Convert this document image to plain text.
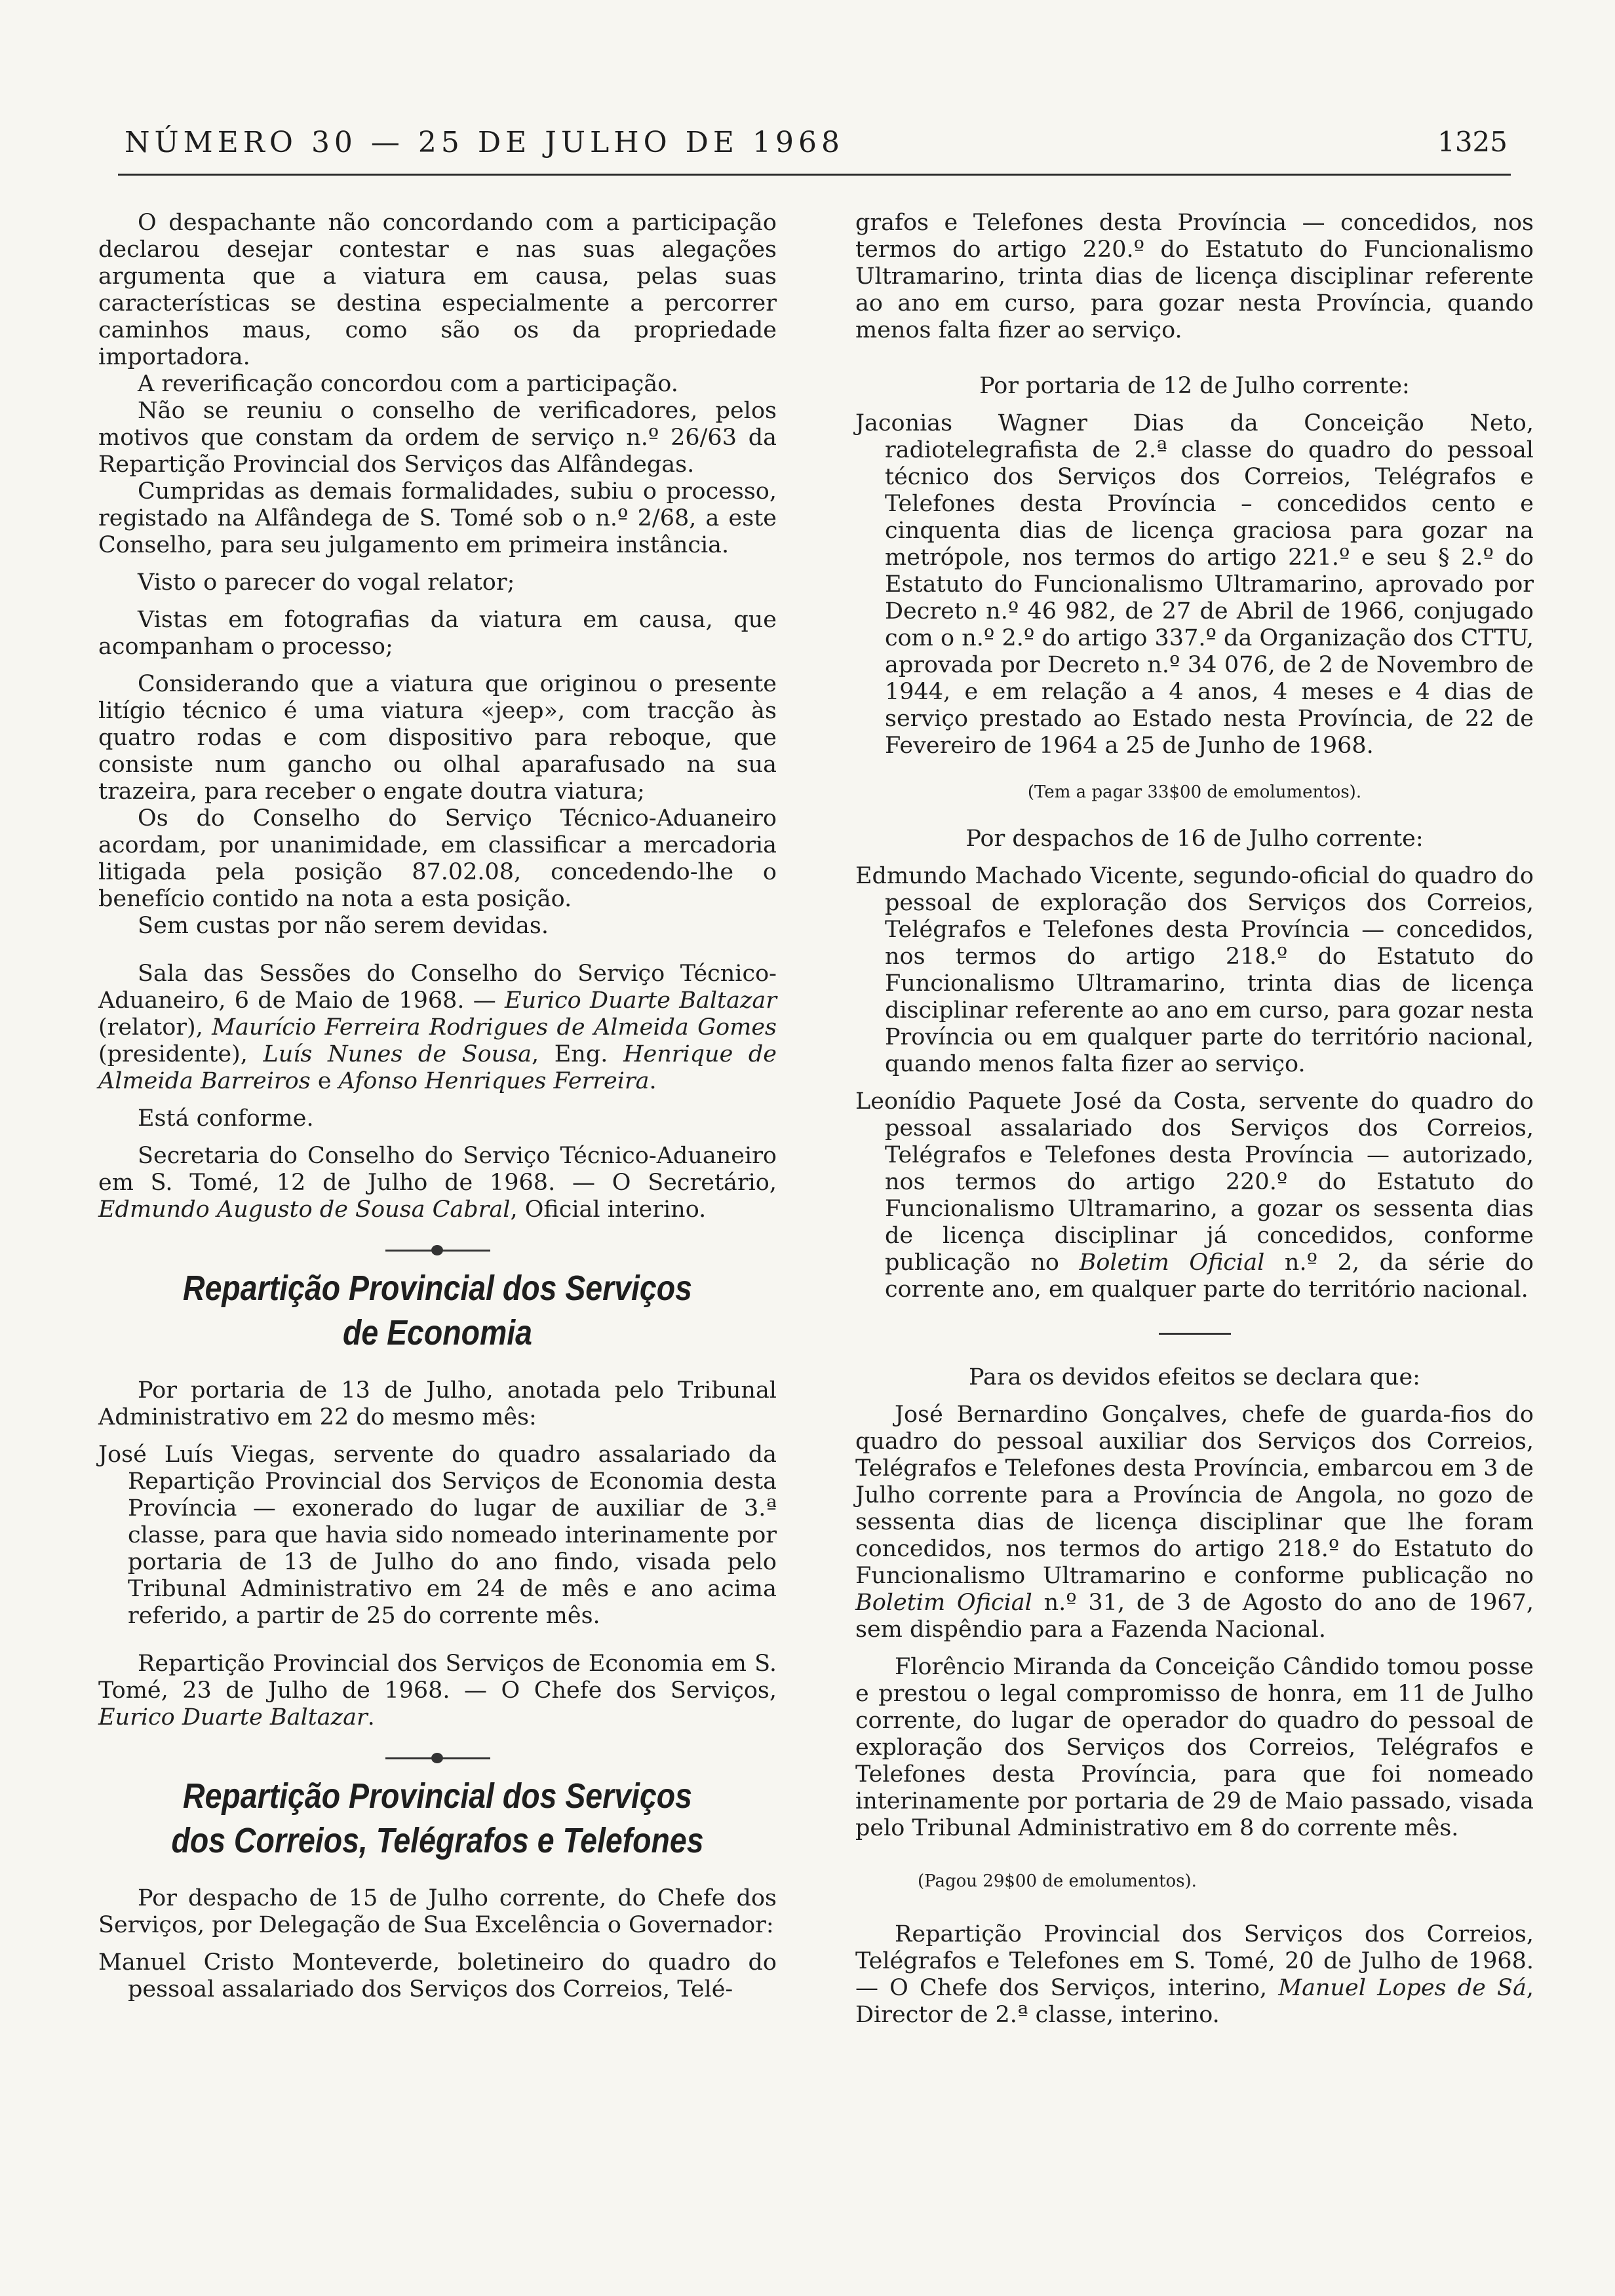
NÚMERO 30 — 25 DE JULHO DE 1968	1325

O despachante não concordando com a participação declarou desejar contestar e nas suas alegações argumenta que a viatura em causa, pelas suas características se destina especialmente a percorrer caminhos maus, como são os da propriedade importadora.

A reverificação concordou com a participação.

Não se reuniu o conselho de verificadores, pelos motivos que constam da ordem de serviço n.º 26/63 da Repartição Provincial dos Serviços das Alfândegas.

Cumpridas as demais formalidades, subiu o processo, registado na Alfândega de S. Tomé sob o n.º 2/68, a este Conselho, para seu julgamento em primeira instância.

Visto o parecer do vogal relator;

Vistas em fotografias da viatura em causa, que acompanham o processo;

Considerando que a viatura que originou o presente litígio técnico é uma viatura «jeep», com tracção às quatro rodas e com dispositivo para reboque, que consiste num gancho ou olhal aparafusado na sua trazeira, para receber o engate doutra viatura;

Os do Conselho do Serviço Técnico-Aduaneiro acordam, por unanimidade, em classificar a mercadoria litigada pela posição 87.02.08, concedendo-lhe o benefício contido na nota a esta posição.

Sem custas por não serem devidas.

Sala das Sessões do Conselho do Serviço Técnico-Aduaneiro, 6 de Maio de 1968. — Eurico Duarte Baltazar (relator), Maurício Ferreira Rodrigues de Almeida Gomes (presidente), Luís Nunes de Sousa, Eng. Henrique de Almeida Barreiros e Afonso Henriques Ferreira.

Está conforme.

Secretaria do Conselho do Serviço Técnico-Aduaneiro em S. Tomé, 12 de Julho de 1968. — O Secretário, Edmundo Augusto de Sousa Cabral, Oficial interino.

Repartição Provincial dos Serviços
de Economia

Por portaria de 13 de Julho, anotada pelo Tribunal Administrativo em 22 do mesmo mês:

José Luís Viegas, servente do quadro assalariado da Repartição Provincial dos Serviços de Economia desta Província — exonerado do lugar de auxiliar de 3.ª classe, para que havia sido nomeado interinamente por portaria de 13 de Julho do ano findo, visada pelo Tribunal Administrativo em 24 de mês e ano acima referido, a partir de 25 do corrente mês.

Repartição Provincial dos Serviços de Economia em S. Tomé, 23 de Julho de 1968. — O Chefe dos Serviços, Eurico Duarte Baltazar.

Repartição Provincial dos Serviços
dos Correios, Telégrafos e Telefones

Por despacho de 15 de Julho corrente, do Chefe dos Serviços, por Delegação de Sua Excelência o Governador:

Manuel Cristo Monteverde, boletineiro do quadro do pessoal assalariado dos Serviços dos Correios, Telé-

grafos e Telefones desta Província — concedidos, nos termos do artigo 220.º do Estatuto do Funcionalismo Ultramarino, trinta dias de licença disciplinar referente ao ano em curso, para gozar nesta Província, quando menos falta fizer ao serviço.

Por portaria de 12 de Julho corrente:

Jaconias Wagner Dias da Conceição Neto, radiotelegrafista de 2.ª classe do quadro do pessoal técnico dos Serviços dos Correios, Telégrafos e Telefones desta Província – concedidos cento e cinquenta dias de licença graciosa para gozar na metrópole, nos termos do artigo 221.º e seu § 2.º do Estatuto do Funcionalismo Ultramarino, aprovado por Decreto n.º 46 982, de 27 de Abril de 1966, conjugado com o n.º 2.º do artigo 337.º da Organização dos CTTU, aprovada por Decreto n.º 34 076, de 2 de Novembro de 1944, e em relação a 4 anos, 4 meses e 4 dias de serviço prestado ao Estado nesta Província, de 22 de Fevereiro de 1964 a 25 de Junho de 1968.

(Tem a pagar 33$00 de emolumentos).

Por despachos de 16 de Julho corrente:

Edmundo Machado Vicente, segundo-oficial do quadro do pessoal de exploração dos Serviços dos Correios, Telégrafos e Telefones desta Província — concedidos, nos termos do artigo 218.º do Estatuto do Funcionalismo Ultramarino, trinta dias de licença disciplinar referente ao ano em curso, para gozar nesta Província ou em qualquer parte do território nacional, quando menos falta fizer ao serviço.

Leonídio Paquete José da Costa, servente do quadro do pessoal assalariado dos Serviços dos Correios, Telégrafos e Telefones desta Província — autorizado, nos termos do artigo 220.º do Estatuto do Funcionalismo Ultramarino, a gozar os sessenta dias de licença disciplinar já concedidos, conforme publicação no Boletim Oficial n.º 2, da série do corrente ano, em qualquer parte do território nacional.

Para os devidos efeitos se declara que:

José Bernardino Gonçalves, chefe de guarda-fios do quadro do pessoal auxiliar dos Serviços dos Correios, Telégrafos e Telefones desta Província, embarcou em 3 de Julho corrente para a Província de Angola, no gozo de sessenta dias de licença disciplinar que lhe foram concedidos, nos termos do artigo 218.º do Estatuto do Funcionalismo Ultramarino e conforme publicação no Boletim Oficial n.º 31, de 3 de Agosto do ano de 1967, sem dispêndio para a Fazenda Nacional.

Florêncio Miranda da Conceição Cândido tomou posse e prestou o legal compromisso de honra, em 11 de Julho corrente, do lugar de operador do quadro do pessoal de exploração dos Serviços dos Correios, Telégrafos e Telefones desta Província, para que foi nomeado interinamente por portaria de 29 de Maio passado, visada pelo Tribunal Administrativo em 8 do corrente mês.

(Pagou 29$00 de emolumentos).

Repartição Provincial dos Serviços dos Correios, Telégrafos e Telefones em S. Tomé, 20 de Julho de 1968. — O Chefe dos Serviços, interino, Manuel Lopes de Sá, Director de 2.ª classe, interino.
